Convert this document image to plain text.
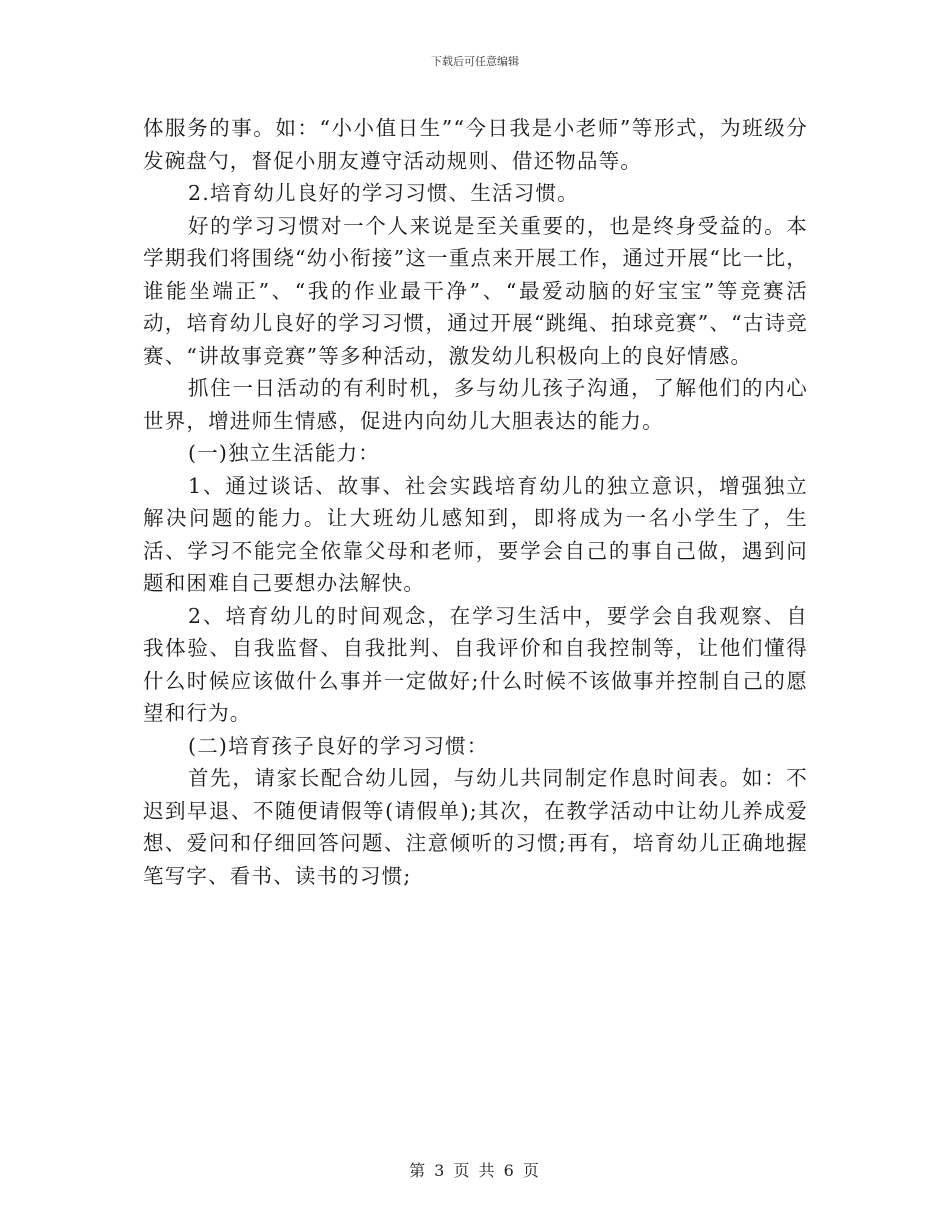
下载后可任意编辑

体服务的事。如：“小小值日生”“今日我是小老师”等形式，为班级分发碗盘勺，督促小朋友遵守活动规则、借还物品等。

2.培育幼儿良好的学习习惯、生活习惯。

好的学习习惯对一个人来说是至关重要的，也是终身受益的。本学期我们将围绕“幼小衔接”这一重点来开展工作，通过开展“比一比，谁能坐端正”、“我的作业最干净”、“最爱动脑的好宝宝”等竞赛活动，培育幼儿良好的学习习惯，通过开展“跳绳、拍球竞赛”、“古诗竞赛、“讲故事竞赛”等多种活动，激发幼儿积极向上的良好情感。

抓住一日活动的有利时机，多与幼儿孩子沟通，了解他们的内心世界，增进师生情感，促进内向幼儿大胆表达的能力。

(一)独立生活能力：

1、通过谈话、故事、社会实践培育幼儿的独立意识，增强独立解决问题的能力。让大班幼儿感知到，即将成为一名小学生了，生活、学习不能完全依靠父母和老师，要学会自己的事自己做，遇到问题和困难自己要想办法解快。

2、培育幼儿的时间观念，在学习生活中，要学会自我观察、自我体验、自我监督、自我批判、自我评价和自我控制等，让他们懂得什么时候应该做什么事并一定做好;什么时候不该做事并控制自己的愿望和行为。

(二)培育孩子良好的学习习惯：

首先，请家长配合幼儿园，与幼儿共同制定作息时间表。如：不迟到早退、不随便请假等(请假单);其次，在教学活动中让幼儿养成爱想、爱问和仔细回答问题、注意倾听的习惯;再有，培育幼儿正确地握笔写字、看书、读书的习惯;

第 3 页 共 6 页
